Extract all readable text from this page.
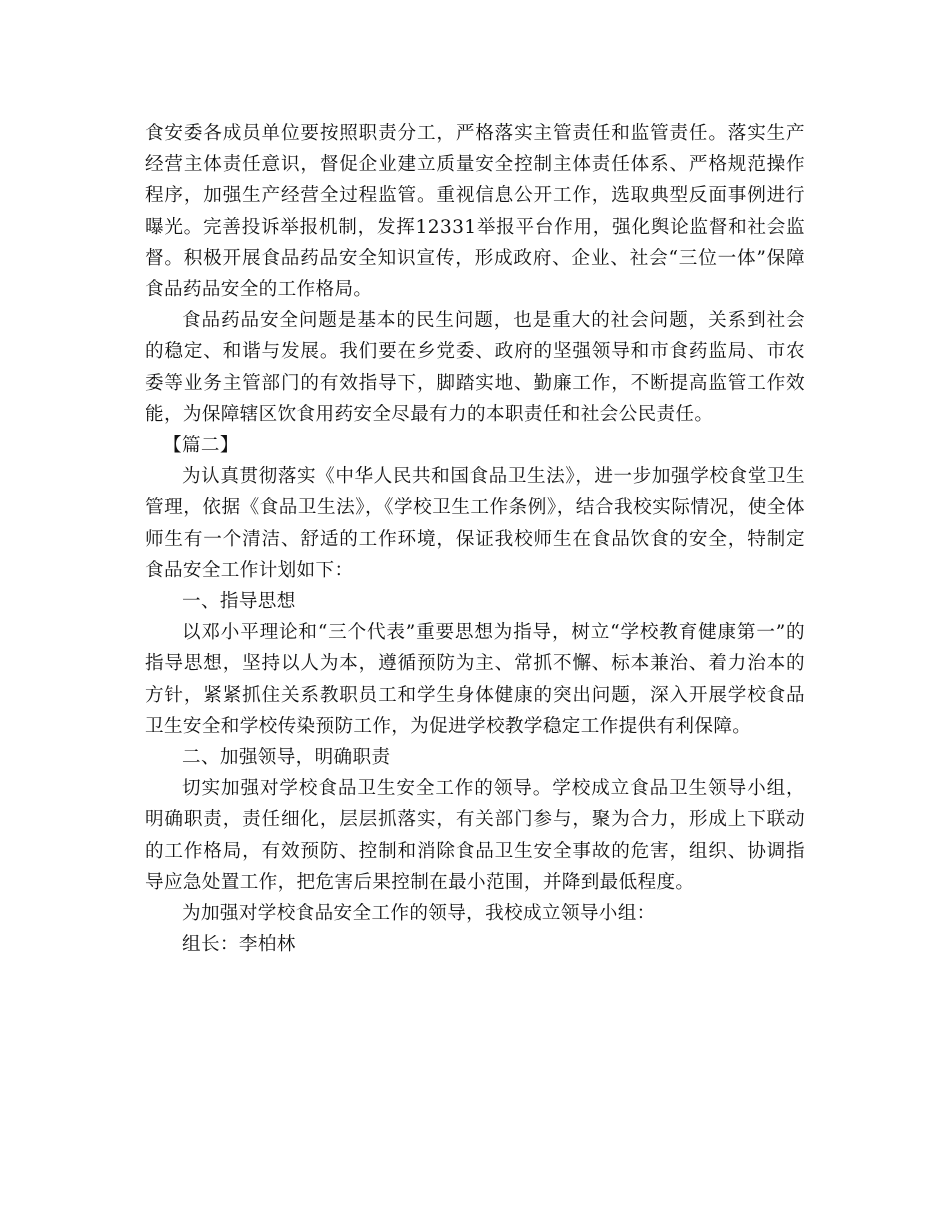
食安委各成员单位要按照职责分工，严格落实主管责任和监管责任。落实生产经营主体责任意识，督促企业建立质量安全控制主体责任体系、严格规范操作程序，加强生产经营全过程监管。重视信息公开工作，选取典型反面事例进行曝光。完善投诉举报机制，发挥12331举报平台作用，强化舆论监督和社会监督。积极开展食品药品安全知识宣传，形成政府、企业、社会“三位一体”保障食品药品安全的工作格局。

食品药品安全问题是基本的民生问题，也是重大的社会问题，关系到社会的稳定、和谐与发展。我们要在乡党委、政府的坚强领导和市食药监局、市农委等业务主管部门的有效指导下，脚踏实地、勤廉工作，不断提高监管工作效能，为保障辖区饮食用药安全尽最有力的本职责任和社会公民责任。

【篇二】

为认真贯彻落实《中华人民共和国食品卫生法》，进一步加强学校食堂卫生管理，依据《食品卫生法》，《学校卫生工作条例》，结合我校实际情况，使全体师生有一个清洁、舒适的工作环境，保证我校师生在食品饮食的安全，特制定食品安全工作计划如下：

一、指导思想

以邓小平理论和“三个代表”重要思想为指导，树立“学校教育健康第一”的指导思想，坚持以人为本，遵循预防为主、常抓不懈、标本兼治、着力治本的方针，紧紧抓住关系教职员工和学生身体健康的突出问题，深入开展学校食品卫生安全和学校传染预防工作，为促进学校教学稳定工作提供有利保障。

二、加强领导，明确职责

切实加强对学校食品卫生安全工作的领导。学校成立食品卫生领导小组，明确职责，责任细化，层层抓落实，有关部门参与，聚为合力，形成上下联动的工作格局，有效预防、控制和消除食品卫生安全事故的危害，组织、协调指导应急处置工作，把危害后果控制在最小范围，并降到最低程度。

为加强对学校食品安全工作的领导，我校成立领导小组：

组长：李柏林
